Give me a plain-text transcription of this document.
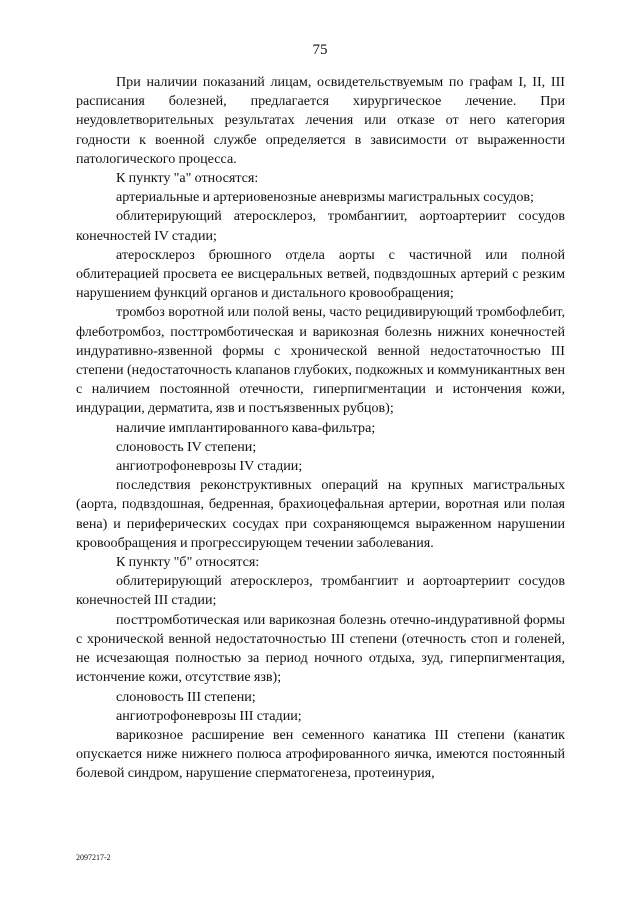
75

При наличии показаний лицам, освидетельствуемым по графам I, II, III расписания болезней, предлагается хирургическое лечение. При неудовлетворительных результатах лечения или отказе от него категория годности к военной службе определяется в зависимости от выраженности патологического процесса.

К пункту "а" относятся:

артериальные и артериовенозные аневризмы магистральных сосудов;

облитерирующий атеросклероз, тромбангиит, аортоартериит сосудов конечностей IV стадии;

атеросклероз брюшного отдела аорты с частичной или полной облитерацией просвета ее висцеральных ветвей, подвздошных артерий с резким нарушением функций органов и дистального кровообращения;

тромбоз воротной или полой вены, часто рецидивирующий тромбофлебит, флеботромбоз, посттромботическая и варикозная болезнь нижних конечностей индуративно-язвенной формы с хронической венной недостаточностью III степени (недостаточность клапанов глубоких, подкожных и коммуникантных вен с наличием постоянной отечности, гиперпигментации и истончения кожи, индурации, дерматита, язв и постъязвенных рубцов);

наличие имплантированного кава-фильтра;

слоновость IV степени;

ангиотрофоневрозы IV стадии;

последствия реконструктивных операций на крупных магистральных (аорта, подвздошная, бедренная, брахиоцефальная артерии, воротная или полая вена) и периферических сосудах при сохраняющемся выраженном нарушении кровообращения и прогрессирующем течении заболевания.

К пункту "б" относятся:

облитерирующий атеросклероз, тромбангиит и аортоартериит сосудов конечностей III стадии;

посттромботическая или варикозная болезнь отечно-индуративной формы с хронической венной недостаточностью III степени (отечность стоп и голеней, не исчезающая полностью за период ночного отдыха, зуд, гиперпигментация, истончение кожи, отсутствие язв);

слоновость III степени;

ангиотрофоневрозы III стадии;

варикозное расширение вен семенного канатика III степени (канатик опускается ниже нижнего полюса атрофированного яичка, имеются постоянный болевой синдром, нарушение сперматогенеза, протеинурия,

2097217-2
